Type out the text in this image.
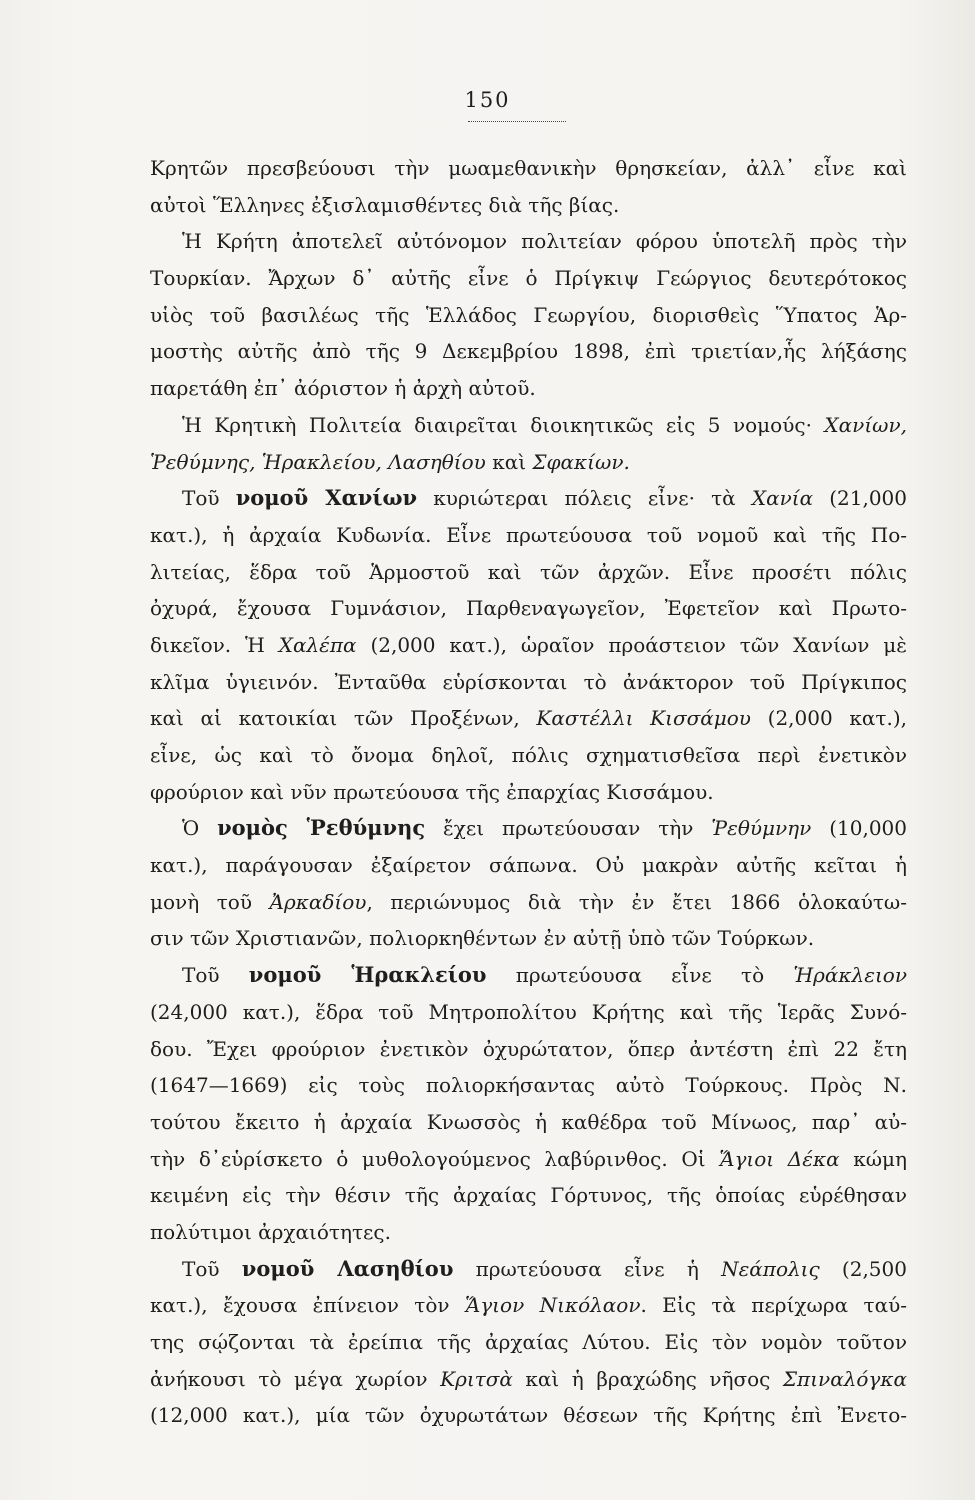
150
Κρητῶν πρεσβεύουσι τὴν μωαμεθανικὴν θρησκείαν, ἀλλ᾽ εἶνε καὶ
αὐτοὶ Ἕλληνες ἐξισλαμισθέντες διὰ τῆς βίας.
Ἡ Κρήτη ἀποτελεῖ αὐτόνομον πολιτείαν φόρου ὑποτελῆ πρὸς τὴν
Τουρκίαν. Ἄρχων δ᾽ αὐτῆς εἶνε ὁ Πρίγκιψ Γεώργιος δευτερότοκος
υἱὸς τοῦ βασιλέως τῆς Ἑλλάδος Γεωργίου, διορισθεὶς Ὕπατος Ἁρ-
μοστὴς αὐτῆς ἀπὸ τῆς 9 Δεκεμβρίου 1898, ἐπὶ τριετίαν,ἧς λήξάσης
παρετάθη ἐπ᾽ ἀόριστον ἡ ἀρχὴ αὐτοῦ.
Ἡ Κρητικὴ Πολιτεία διαιρεῖται διοικητικῶς εἰς 5 νομούς· Χανίων,
Ῥεθύμνης, Ἡρακλείου, Λασηθίου καὶ Σφακίων.
Τοῦ νομοῦ Χανίων κυριώτεραι πόλεις εἶνε· τὰ Χανία (21,000
κατ.), ἡ ἀρχαία Κυδωνία. Εἶνε πρωτεύουσα τοῦ νομοῦ καὶ τῆς Πο-
λιτείας, ἕδρα τοῦ Ἁρμοστοῦ καὶ τῶν ἀρχῶν. Εἶνε προσέτι πόλις
ὀχυρά, ἔχουσα Γυμνάσιον, Παρθεναγωγεῖον, Ἐφετεῖον καὶ Πρωτο-
δικεῖον. Ἡ Χαλέπα (2,000 κατ.), ὡραῖον προάστειον τῶν Χανίων μὲ
κλῖμα ὑγιεινόν. Ἐνταῦθα εὑρίσκονται τὸ ἀνάκτορον τοῦ Πρίγκιπος
καὶ αἱ κατοικίαι τῶν Προξένων, Καστέλλι Κισσάμου (2,000 κατ.),
εἶνε, ὡς καὶ τὸ ὄνομα δηλοῖ, πόλις σχηματισθεῖσα περὶ ἐνετικὸν
φρούριον καὶ νῦν πρωτεύουσα τῆς ἐπαρχίας Κισσάμου.
Ὁ νομὸς Ῥεθύμνης ἔχει πρωτεύουσαν τὴν Ῥεθύμνην (10,000
κατ.), παράγουσαν ἐξαίρετον σάπωνα. Οὐ μακρὰν αὐτῆς κεῖται ἡ
μονὴ τοῦ Ἀρκαδίου, περιώνυμος διὰ τὴν ἐν ἔτει 1866 ὁλοκαύτω-
σιν τῶν Χριστιανῶν, πολιορκηθέντων ἐν αὐτῇ ὑπὸ τῶν Τούρκων.
Τοῦ νομοῦ Ἡρακλείου πρωτεύουσα εἶνε τὸ Ἡράκλειον
(24,000 κατ.), ἕδρα τοῦ Μητροπολίτου Κρήτης καὶ τῆς Ἱερᾶς Συνό-
δου. Ἔχει φρούριον ἐνετικὸν ὀχυρώτατον, ὅπερ ἀντέστη ἐπὶ 22 ἔτη
(1647—1669) εἰς τοὺς πολιορκήσαντας αὐτὸ Τούρκους. Πρὸς Ν.
τούτου ἔκειτο ἡ ἀρχαία Κνωσσὸς ἡ καθέδρα τοῦ Μίνωος, παρ᾽ αὐ-
τὴν δ᾽εὑρίσκετο ὁ μυθολογούμενος λαβύρινθος. Οἱ Ἅγιοι Δέκα κώμη
κειμένη εἰς τὴν θέσιν τῆς ἀρχαίας Γόρτυνος, τῆς ὁποίας εὑρέθησαν
πολύτιμοι ἀρχαιότητες.
Τοῦ νομοῦ Λασηθίου πρωτεύουσα εἶνε ἡ Νεάπολις (2,500
κατ.), ἔχουσα ἐπίνειον τὸν Ἅγιον Νικόλαον. Εἰς τὰ περίχωρα ταύ-
της σῴζονται τὰ ἐρείπια τῆς ἀρχαίας Λύτου. Εἰς τὸν νομὸν τοῦτον
ἀνήκουσι τὸ μέγα χωρίον Κριτσὰ καὶ ἡ βραχώδης νῆσος Σπιναλόγκα
(12,000 κατ.), μία τῶν ὀχυρωτάτων θέσεων τῆς Κρήτης ἐπὶ Ἐνετο-
